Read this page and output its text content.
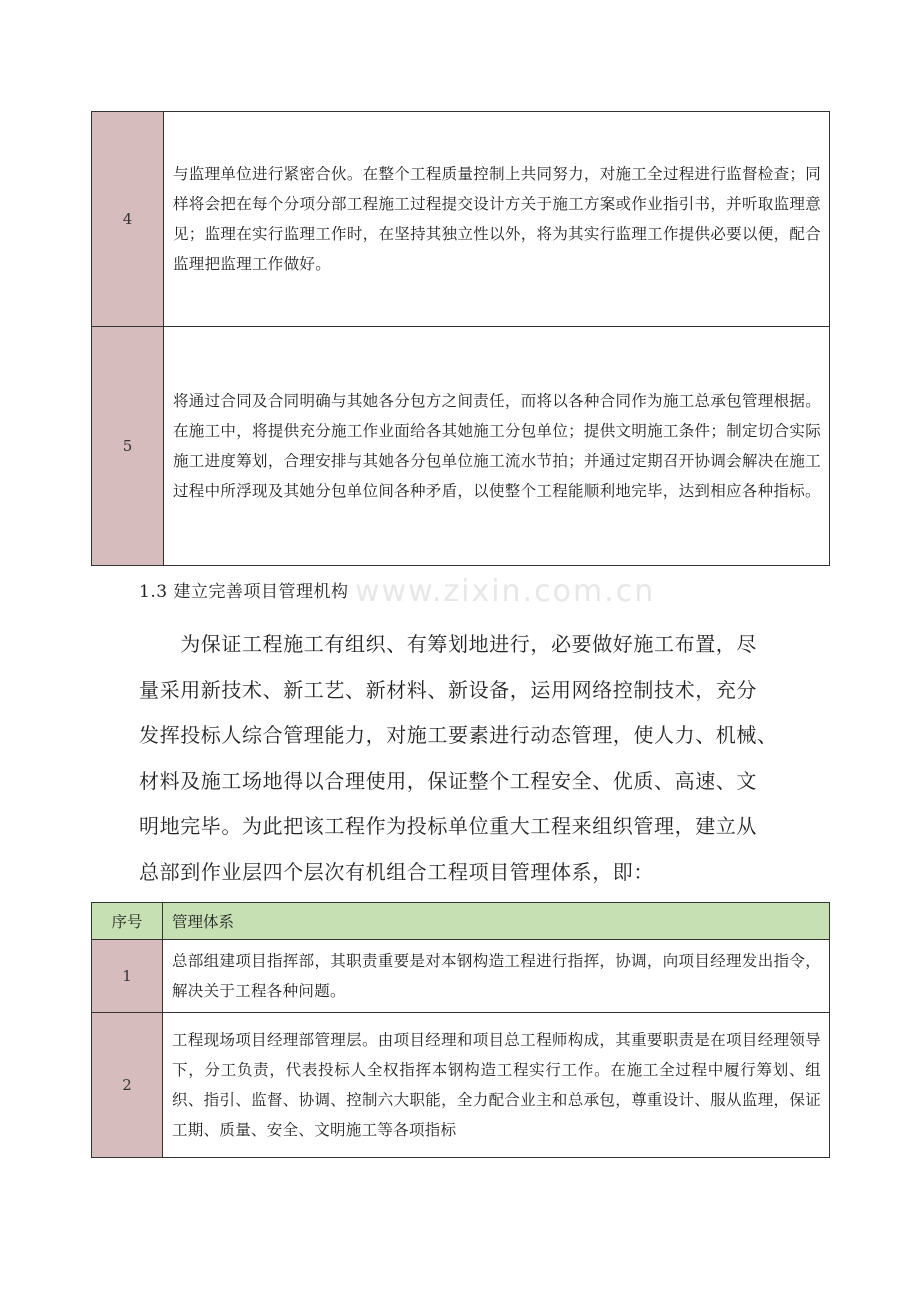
www.zixin.com.cn
4	与监理单位进行紧密合伙。在整个工程质量控制上共同努力，对施工全过程进行监督检查；同样将会把在每个分项分部工程施工过程提交设计方关于施工方案或作业指引书，并听取监理意见；监理在实行监理工作时，在坚持其独立性以外，将为其实行监理工作提供必要以便，配合监理把监理工作做好。
5	将通过合同及合同明确与其她各分包方之间责任，而将以各种合同作为施工总承包管理根据。在施工中，将提供充分施工作业面给各其她施工分包单位；提供文明施工条件；制定切合实际施工进度筹划，合理安排与其她各分包单位施工流水节拍；并通过定期召开协调会解决在施工过程中所浮现及其她分包单位间各种矛盾，以使整个工程能顺利地完毕，达到相应各种指标。
1.3 建立完善项目管理机构
　　为保证工程施工有组织、有筹划地进行，必要做好施工布置，尽
量采用新技术、新工艺、新材料、新设备，运用网络控制技术，充分
发挥投标人综合管理能力，对施工要素进行动态管理，使人力、机械、
材料及施工场地得以合理使用，保证整个工程安全、优质、高速、文
明地完毕。为此把该工程作为投标单位重大工程来组织管理，建立从
总部到作业层四个层次有机组合工程项目管理体系，即：
序号	管理体系
1	总部组建项目指挥部，其职责重要是对本钢构造工程进行指挥，协调，向项目经理发出指令，解决关于工程各种问题。
2	工程现场项目经理部管理层。由项目经理和项目总工程师构成，其重要职责是在项目经理领导下，分工负责，代表投标人全权指挥本钢构造工程实行工作。在施工全过程中履行筹划、组织、指引、监督、协调、控制六大职能，全力配合业主和总承包，尊重设计、服从监理，保证工期、质量、安全、文明施工等各项指标
